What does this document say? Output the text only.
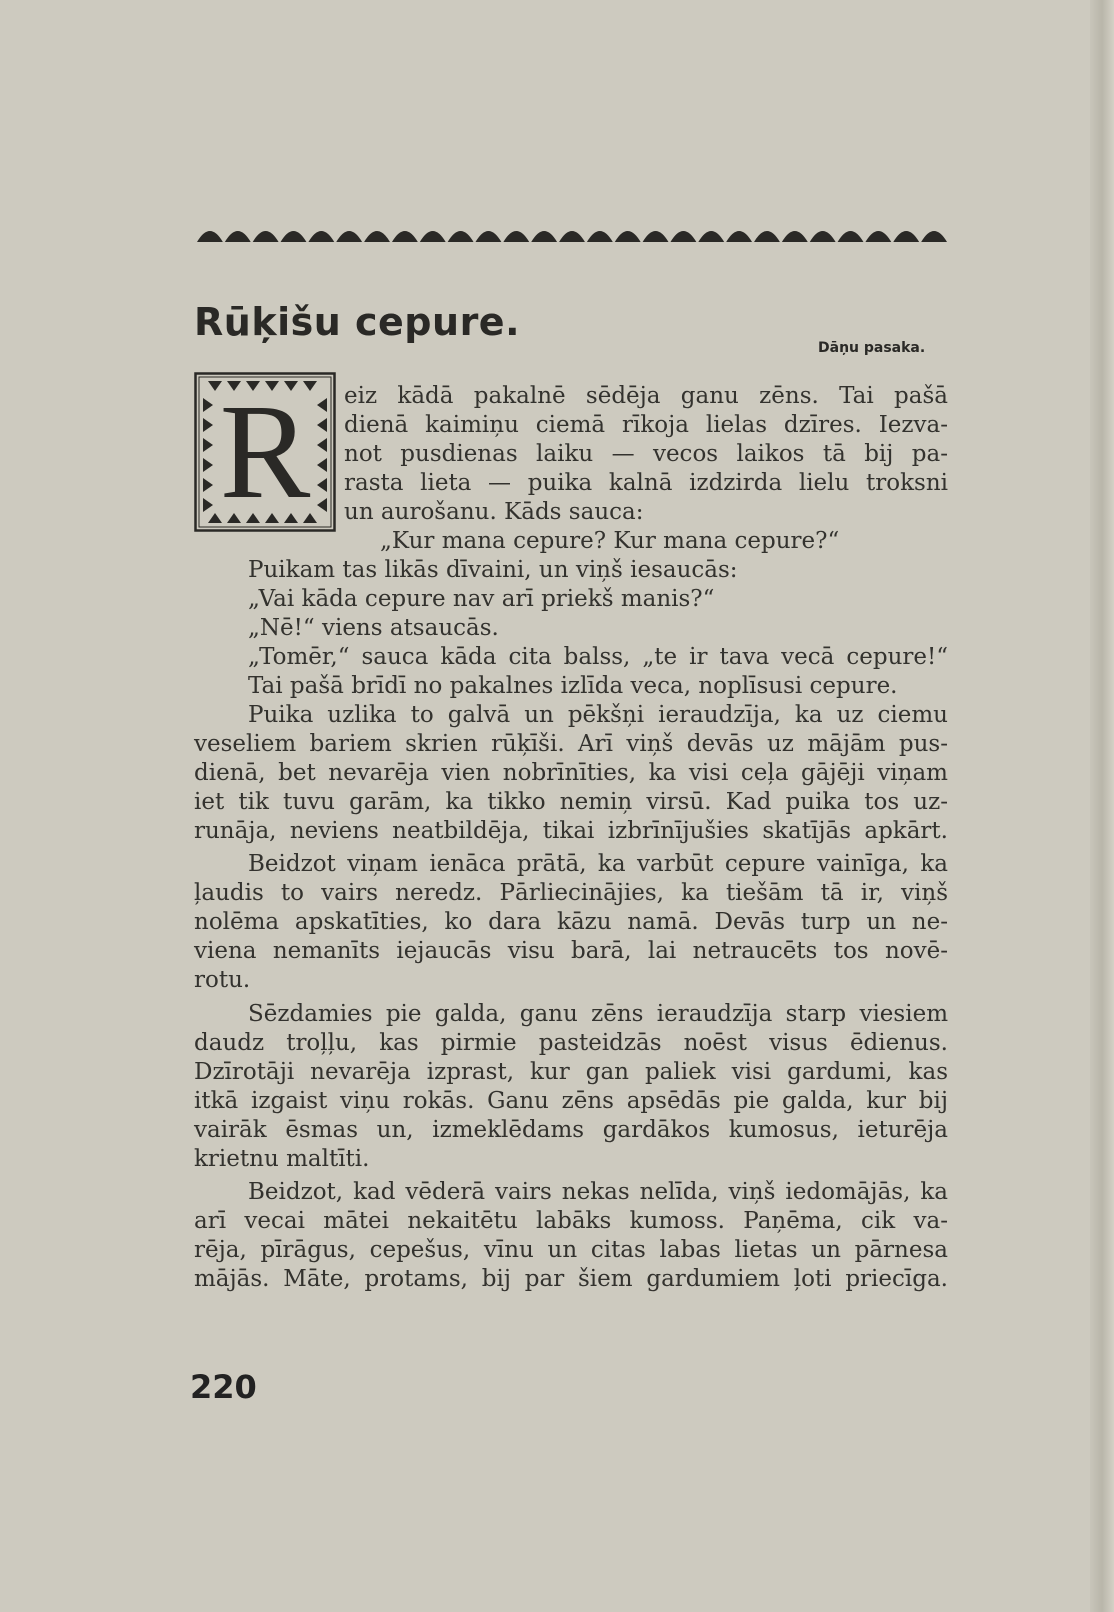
Rūķišu cepure.
Dāņu pasaka.
R	eiz kādā pakalnē sēdēja ganu zēns. Tai pašā
dienā kaimiņu ciemā rīkoja lielas dzīres. Iezva-
not pusdienas laiku — vecos laikos tā bij pa-
rasta lieta — puika kalnā izdzirda lielu troksni
un aurošanu. Kāds sauca:
„Kur mana cepure? Kur mana cepure?“
Puikam tas likās dīvaini, un viņš iesaucās:
„Vai kāda cepure nav arī priekš manis?“
„Nē!“ viens atsaucās.
„Tomēr,“ sauca kāda cita balss, „te ir tava vecā cepure!“
Tai pašā brīdī no pakalnes izlīda veca, noplīsusi cepure.
Puika uzlika to galvā un pēkšņi ieraudzīja, ka uz ciemu
veseliem bariem skrien rūķīši. Arī viņš devās uz mājām pus-
dienā, bet nevarēja vien nobrīnīties, ka visi ceļa gājēji viņam
iet tik tuvu garām, ka tikko nemiņ virsū. Kad puika tos uz-
runāja, neviens neatbildēja, tikai izbrīnījušies skatījās apkārt.
Beidzot viņam ienāca prātā, ka varbūt cepure vainīga, ka
ļaudis to vairs neredz. Pārliecinājies, ka tiešām tā ir, viņš
nolēma apskatīties, ko dara kāzu namā. Devās turp un ne-
viena nemanīts iejaucās visu barā, lai netraucēts tos novē-
rotu.
Sēzdamies pie galda, ganu zēns ieraudzīja starp viesiem
daudz troļļu, kas pirmie pasteidzās noēst visus ēdienus.
Dzīrotāji nevarēja izprast, kur gan paliek visi gardumi, kas
itkā izgaist viņu rokās. Ganu zēns apsēdās pie galda, kur bij
vairāk ēsmas un, izmeklēdams gardākos kumosus, ieturēja
krietnu maltīti.
Beidzot, kad vēderā vairs nekas nelīda, viņš iedomājās, ka
arī vecai mātei nekaitētu labāks kumoss. Paņēma, cik va-
rēja, pīrāgus, cepešus, vīnu un citas labas lietas un pārnesa
mājās. Māte, protams, bij par šiem gardumiem ļoti priecīga.
220
